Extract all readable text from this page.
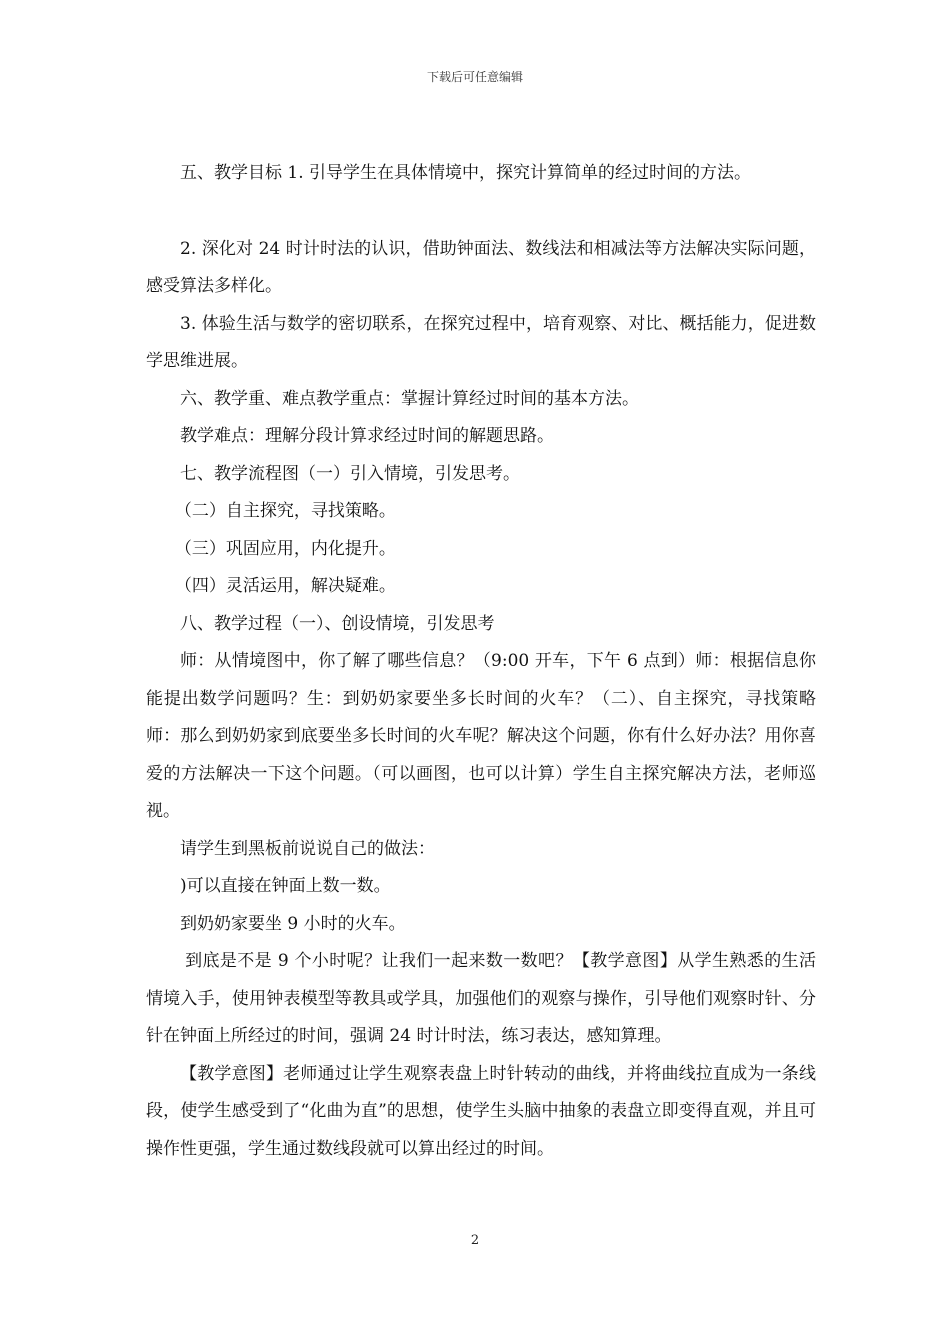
下载后可任意编辑

五、教学目标 1. 引导学生在具体情境中，探究计算简单的经过时间的方法。

2. 深化对 24 时计时法的认识，借助钟面法、数线法和相减法等方法解决实际问题，感受算法多样化。

3. 体验生活与数学的密切联系，在探究过程中，培育观察、对比、概括能力，促进数学思维进展。

六、教学重、难点教学重点：掌握计算经过时间的基本方法。

教学难点：理解分段计算求经过时间的解题思路。

七、教学流程图（一）引入情境，引发思考。

（二）自主探究，寻找策略。

（三）巩固应用，内化提升。

（四）灵活运用，解决疑难。

八、教学过程（一）、创设情境，引发思考

师：从情境图中，你了解了哪些信息？（9:00 开车，下午 6 点到）师：根据信息你能提出数学问题吗？生：到奶奶家要坐多长时间的火车？（二）、自主探究，寻找策略师：那么到奶奶家到底要坐多长时间的火车呢？解决这个问题，你有什么好办法？用你喜爱的方法解决一下这个问题。（可以画图，也可以计算）学生自主探究解决方法，老师巡视。

请学生到黑板前说说自己的做法：

)可以直接在钟面上数一数。

到奶奶家要坐 9 小时的火车。

到底是不是 9 个小时呢？让我们一起来数一数吧？【教学意图】从学生熟悉的生活情境入手，使用钟表模型等教具或学具，加强他们的观察与操作，引导他们观察时针、分针在钟面上所经过的时间，强调 24 时计时法，练习表达，感知算理。

【教学意图】老师通过让学生观察表盘上时针转动的曲线，并将曲线拉直成为一条线段，使学生感受到了“化曲为直”的思想，使学生头脑中抽象的表盘立即变得直观，并且可操作性更强，学生通过数线段就可以算出经过的时间。

2
